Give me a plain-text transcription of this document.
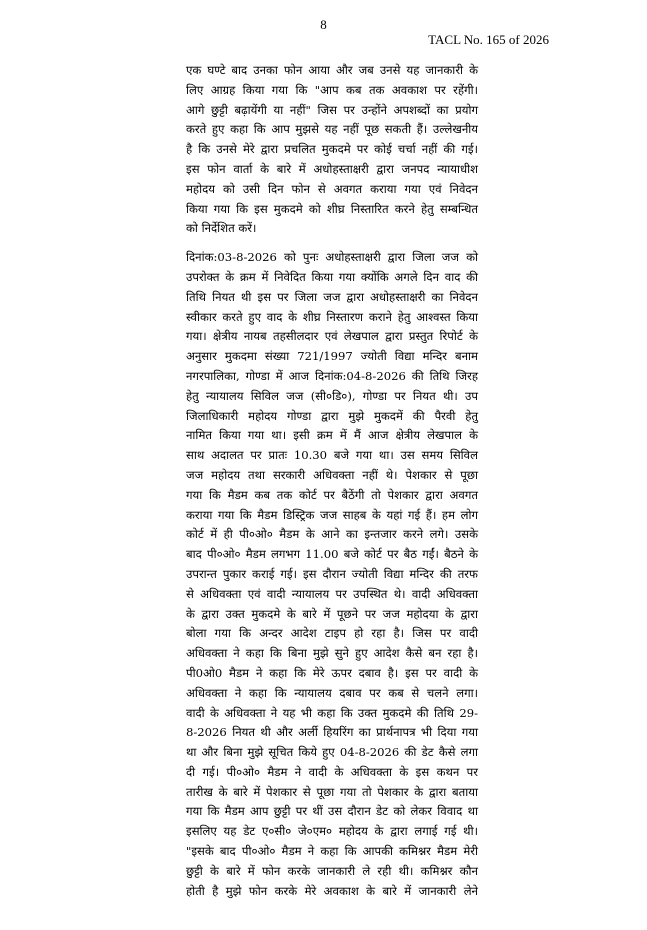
8
TACL No. 165 of 2026

एक घण्टे बाद उनका फोन आया और जब उनसे यह जानकारी के
लिए आग्रह किया गया कि "आप कब तक अवकाश पर रहेंगी।
आगे छुट्टी बढ़ायेंगी या नहीं" जिस पर उन्होंने अपशब्दों का प्रयोग
करते हुए कहा कि आप मुझसे यह नहीं पूछ सकती हैं। उल्लेखनीय
है कि उनसे मेरे द्वारा प्रचलित मुकदमे पर कोई चर्चा नहीं की गई।
इस फोन वार्ता के बारे में अधोहस्ताक्षरी द्वारा जनपद न्यायाधीश
महोदय को उसी दिन फोन से अवगत कराया गया एवं निवेदन
किया गया कि इस मुकदमे को शीघ्र निस्तारित करने हेतु सम्बन्धित
को निर्देशित करें।

दिनांक:03-8-2026 को पुनः अधोहस्ताक्षरी द्वारा जिला जज को
उपरोक्त के क्रम में निवेदित किया गया क्योंकि अगले दिन वाद की
तिथि नियत थी इस पर जिला जज द्वारा अधोहस्ताक्षरी का निवेदन
स्वीकार करते हुए वाद के शीघ्र निस्तारण कराने हेतु आश्वस्त किया
गया। क्षेत्रीय नायब तहसीलदार एवं लेखपाल द्वारा प्रस्तुत रिपोर्ट के
अनुसार मुकदमा संख्या 721/1997 ज्योती विद्या मन्दिर बनाम
नगरपालिका, गोण्डा में आज दिनांक:04-8-2026 की तिथि जिरह
हेतु न्यायालय सिविल जज (सी०डि०), गोण्डा पर नियत थी। उप
जिलाधिकारी महोदय गोण्डा द्वारा मुझे मुकदमें की पैरवी हेतु
नामित किया गया था। इसी क्रम में मैं आज क्षेत्रीय लेखपाल के
साथ अदालत पर प्रातः 10.30 बजे गया था। उस समय सिविल
जज महोदय तथा सरकारी अधिवक्ता नहीं थे। पेशकार से पूछा
गया कि मैडम कब तक कोर्ट पर बैठेंगी तो पेशकार द्वारा अवगत
कराया गया कि मैडम डिस्ट्रिक जज साहब के यहां गई हैं। हम लोग
कोर्ट में ही पी०ओ० मैडम के आने का इन्तजार करने लगे। उसके
बाद पी०ओ० मैडम लगभग 11.00 बजे कोर्ट पर बैठ गईं। बैठने के
उपरान्त पुकार कराई गई। इस दौरान ज्योती विद्या मन्दिर की तरफ
से अधिवक्ता एवं वादी न्यायालय पर उपस्थित थे। वादी अधिवक्ता
के द्वारा उक्त मुकदमे के बारे में पूछने पर जज महोदया के द्वारा
बोला गया कि अन्दर आदेश टाइप हो रहा है। जिस पर वादी
अधिवक्ता ने कहा कि बिना मुझे सुने हुए आदेश कैसे बन रहा है।
पी0ओ0 मैडम ने कहा कि मेरे ऊपर दबाव है। इस पर वादी के
अधिवक्ता ने कहा कि न्यायालय दबाव पर कब से चलने लगा।
वादी के अधिवक्ता ने यह भी कहा कि उक्त मुकदमे की तिथि 29-
8-2026 नियत थी और अर्ली हियरिंग का प्रार्थनापत्र भी दिया गया
था और बिना मुझे सूचित किये हुए 04-8-2026 की डेट कैसे लगा
दी गई। पी०ओ० मैडम ने वादी के अधिवक्ता के इस कथन पर
तारीख के बारे में पेशकार से पूछा गया तो पेशकार के द्वारा बताया
गया कि मैडम आप छुट्टी पर थीं उस दौरान डेट को लेकर विवाद था
इसलिए यह डेट ए०सी० जे०एम० महोदय के द्वारा लगाई गई थी।
"इसके बाद पी०ओ० मैडम ने कहा कि आपकी कमिश्नर मैडम मेरी
छुट्टी के बारे में फोन करके जानकारी ले रही थी। कमिश्नर कौन
होती है मुझे फोन करके मेरे अवकाश के बारे में जानकारी लेने
